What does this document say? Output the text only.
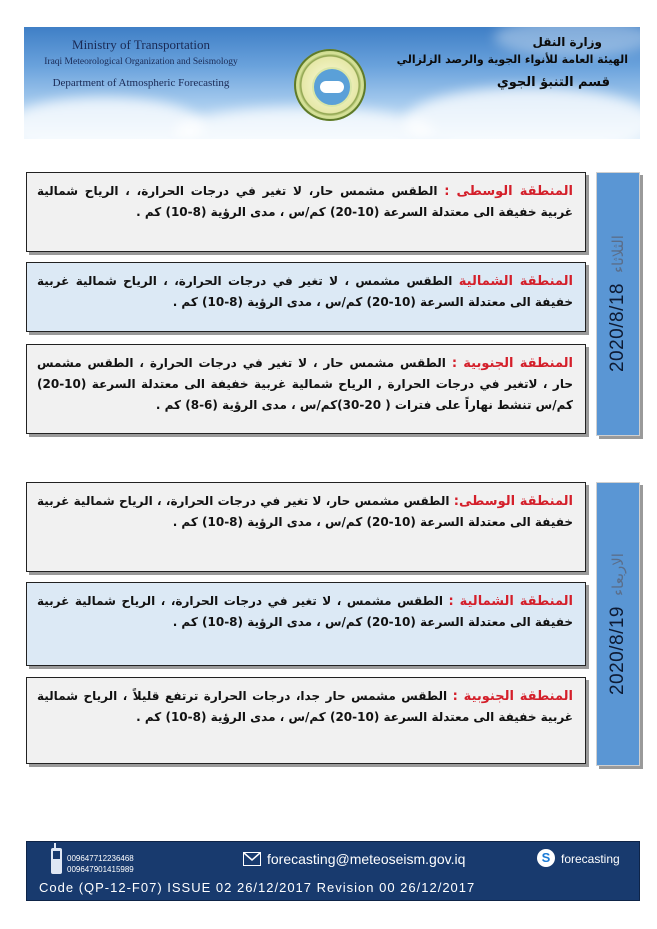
Ministry of Transportation
Iraqi Meteorological Organization and Seismology
Department of Atmospheric Forecasting
وزارة النقل
الهيئة العامة للأنواء الجوية والرصد الزلزالي
قسم التنبؤ الجوي
2020/8/18
الثلاثاء
المنطقة الوسطى : الطقس مشمس حار، لا تغير في درجات الحرارة، ، الرياح شمالية غربية خفيفة الى معتدلة السرعة (10-20) كم/س ، مدى الرؤية (8-10) كم .
المنطقة الشمالية الطقس مشمس ، لا تغير في درجات الحرارة، ، الرياح شمالية غربية خفيفة الى معتدلة السرعة (10-20) كم/س ، مدى الرؤية (8-10) كم .
المنطقة الجنوبية : الطقس مشمس حار ، لا تغير في درجات الحرارة ، الطقس مشمس حار ، لاتغير في درجات الحرارة , الرياح شمالية غربية خفيفة الى معتدلة السرعة (10-20) كم/س تنشط نهاراً على فترات ( 20-30)كم/س ، مدى الرؤية (6-8) كم .
2020/8/19
الاربعاء
المنطقة الوسطى: الطقس مشمس حار، لا تغير في درجات الحرارة، ، الرياح شمالية غربية خفيفة الى معتدلة السرعة (10-20) كم/س ، مدى الرؤية (8-10) كم .
المنطقة الشمالية : الطقس مشمس ، لا تغير في درجات الحرارة، ، الرياح شمالية غربية خفيفة الى معتدلة السرعة (10-20) كم/س ، مدى الرؤية (8-10) كم .
المنطقة الجنوبية : الطقس مشمس حار جدا، درجات الحرارة ترتفع قليلاً ، الرياح شمالية غربية خفيفة الى معتدلة السرعة (10-20) كم/س ، مدى الرؤية (8-10) كم .
009647712236468
009647901415989
forecasting@meteoseism.gov.iq	S forecasting
Code (QP-12-F07) ISSUE 02 26/12/2017 Revision 00 26/12/2017
